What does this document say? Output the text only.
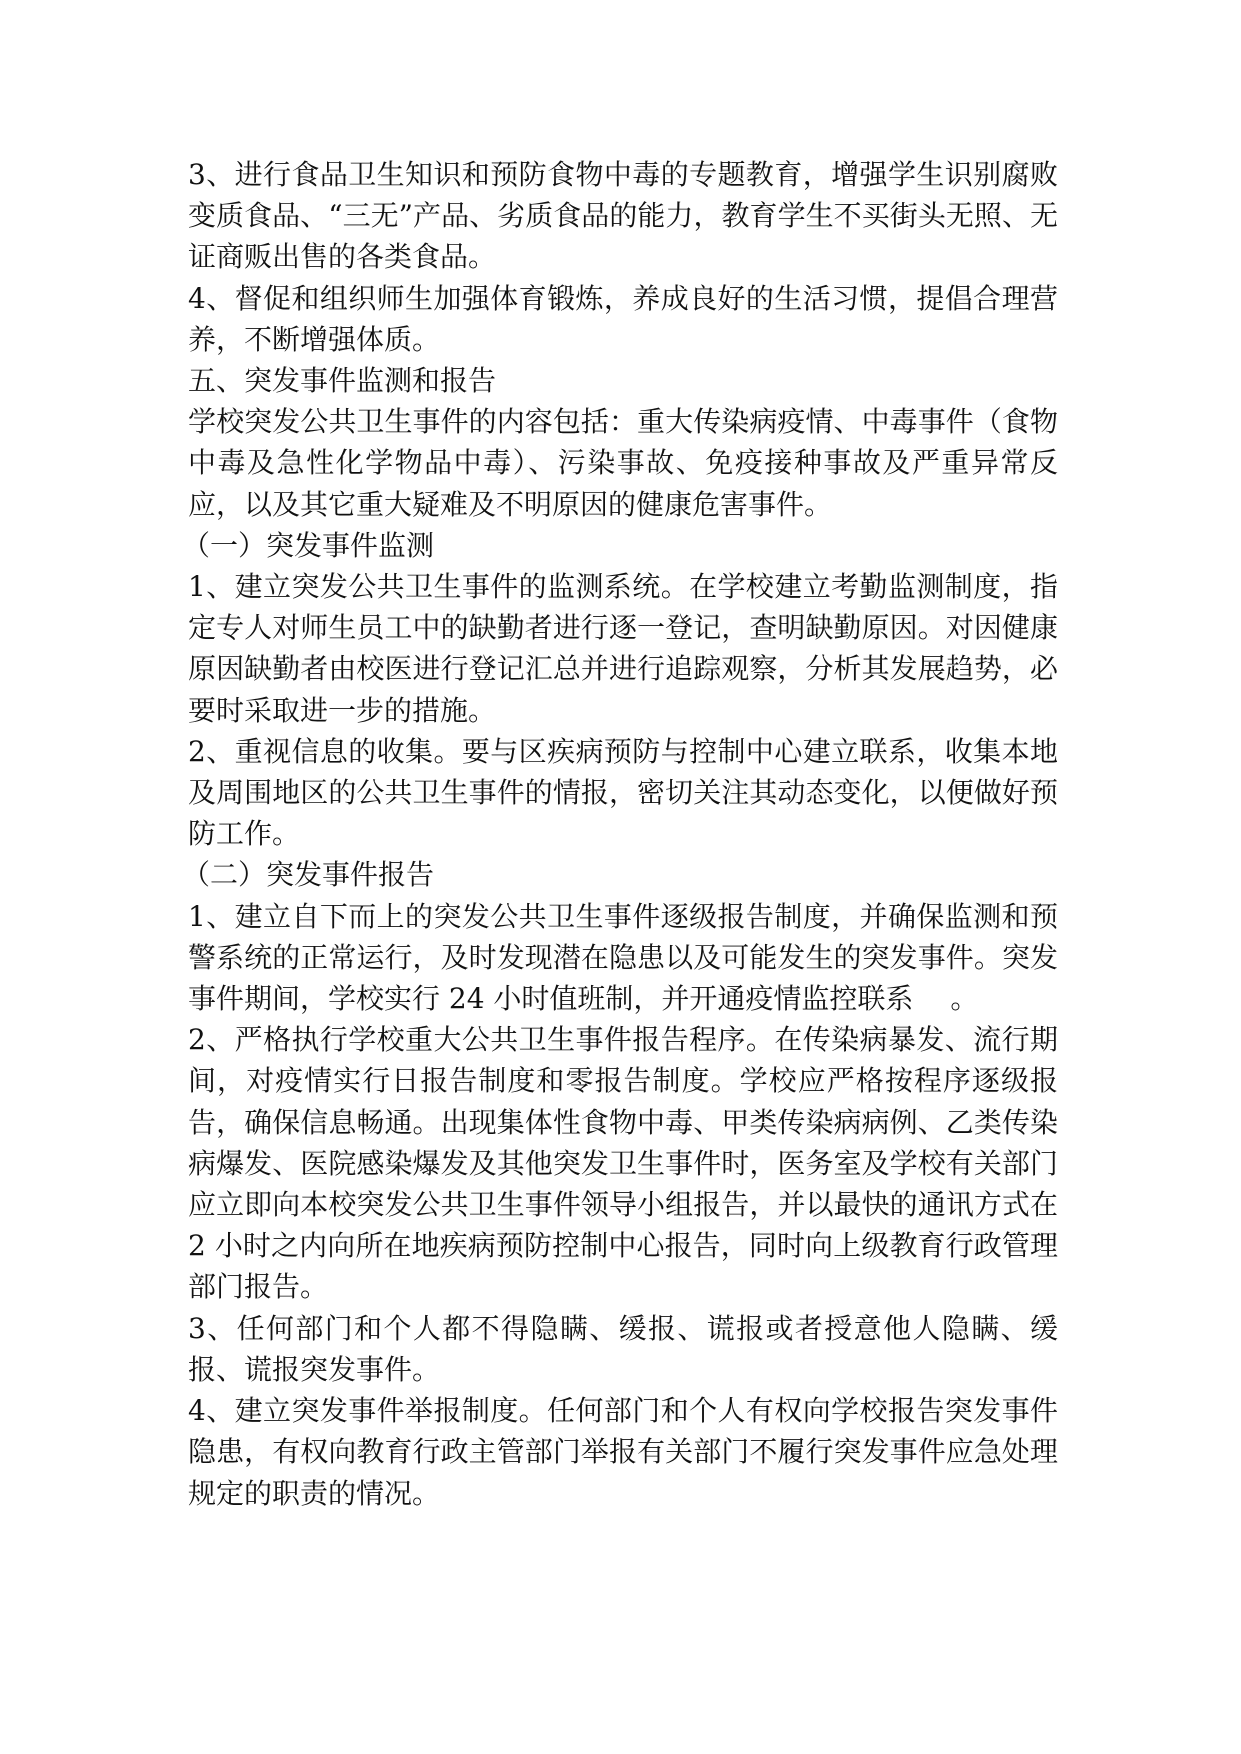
3、进行食品卫生知识和预防食物中毒的专题教育，增强学生识别腐败变质食品、“三无”产品、劣质食品的能力，教育学生不买街头无照、无证商贩出售的各类食品。

4、督促和组织师生加强体育锻炼，养成良好的生活习惯，提倡合理营养，不断增强体质。

五、突发事件监测和报告

学校突发公共卫生事件的内容包括：重大传染病疫情、中毒事件（食物中毒及急性化学物品中毒）、污染事故、免疫接种事故及严重异常反应，以及其它重大疑难及不明原因的健康危害事件。

（一）突发事件监测

1、建立突发公共卫生事件的监测系统。在学校建立考勤监测制度，指定专人对师生员工中的缺勤者进行逐一登记，查明缺勤原因。对因健康原因缺勤者由校医进行登记汇总并进行追踪观察，分析其发展趋势，必要时采取进一步的措施。

2、重视信息的收集。要与区疾病预防与控制中心建立联系，收集本地及周围地区的公共卫生事件的情报，密切关注其动态变化，以便做好预防工作。

（二）突发事件报告

1、建立自下而上的突发公共卫生事件逐级报告制度，并确保监测和预警系统的正常运行，及时发现潜在隐患以及可能发生的突发事件。突发事件期间，学校实行 24 小时值班制，并开通疫情监控联系　 。

2、严格执行学校重大公共卫生事件报告程序。在传染病暴发、流行期间，对疫情实行日报告制度和零报告制度。学校应严格按程序逐级报告，确保信息畅通。出现集体性食物中毒、甲类传染病病例、乙类传染病爆发、医院感染爆发及其他突发卫生事件时，医务室及学校有关部门应立即向本校突发公共卫生事件领导小组报告，并以最快的通讯方式在 2 小时之内向所在地疾病预防控制中心报告，同时向上级教育行政管理部门报告。

3、任何部门和个人都不得隐瞒、缓报、谎报或者授意他人隐瞒、缓报、谎报突发事件。

4、建立突发事件举报制度。任何部门和个人有权向学校报告突发事件隐患，有权向教育行政主管部门举报有关部门不履行突发事件应急处理规定的职责的情况。
